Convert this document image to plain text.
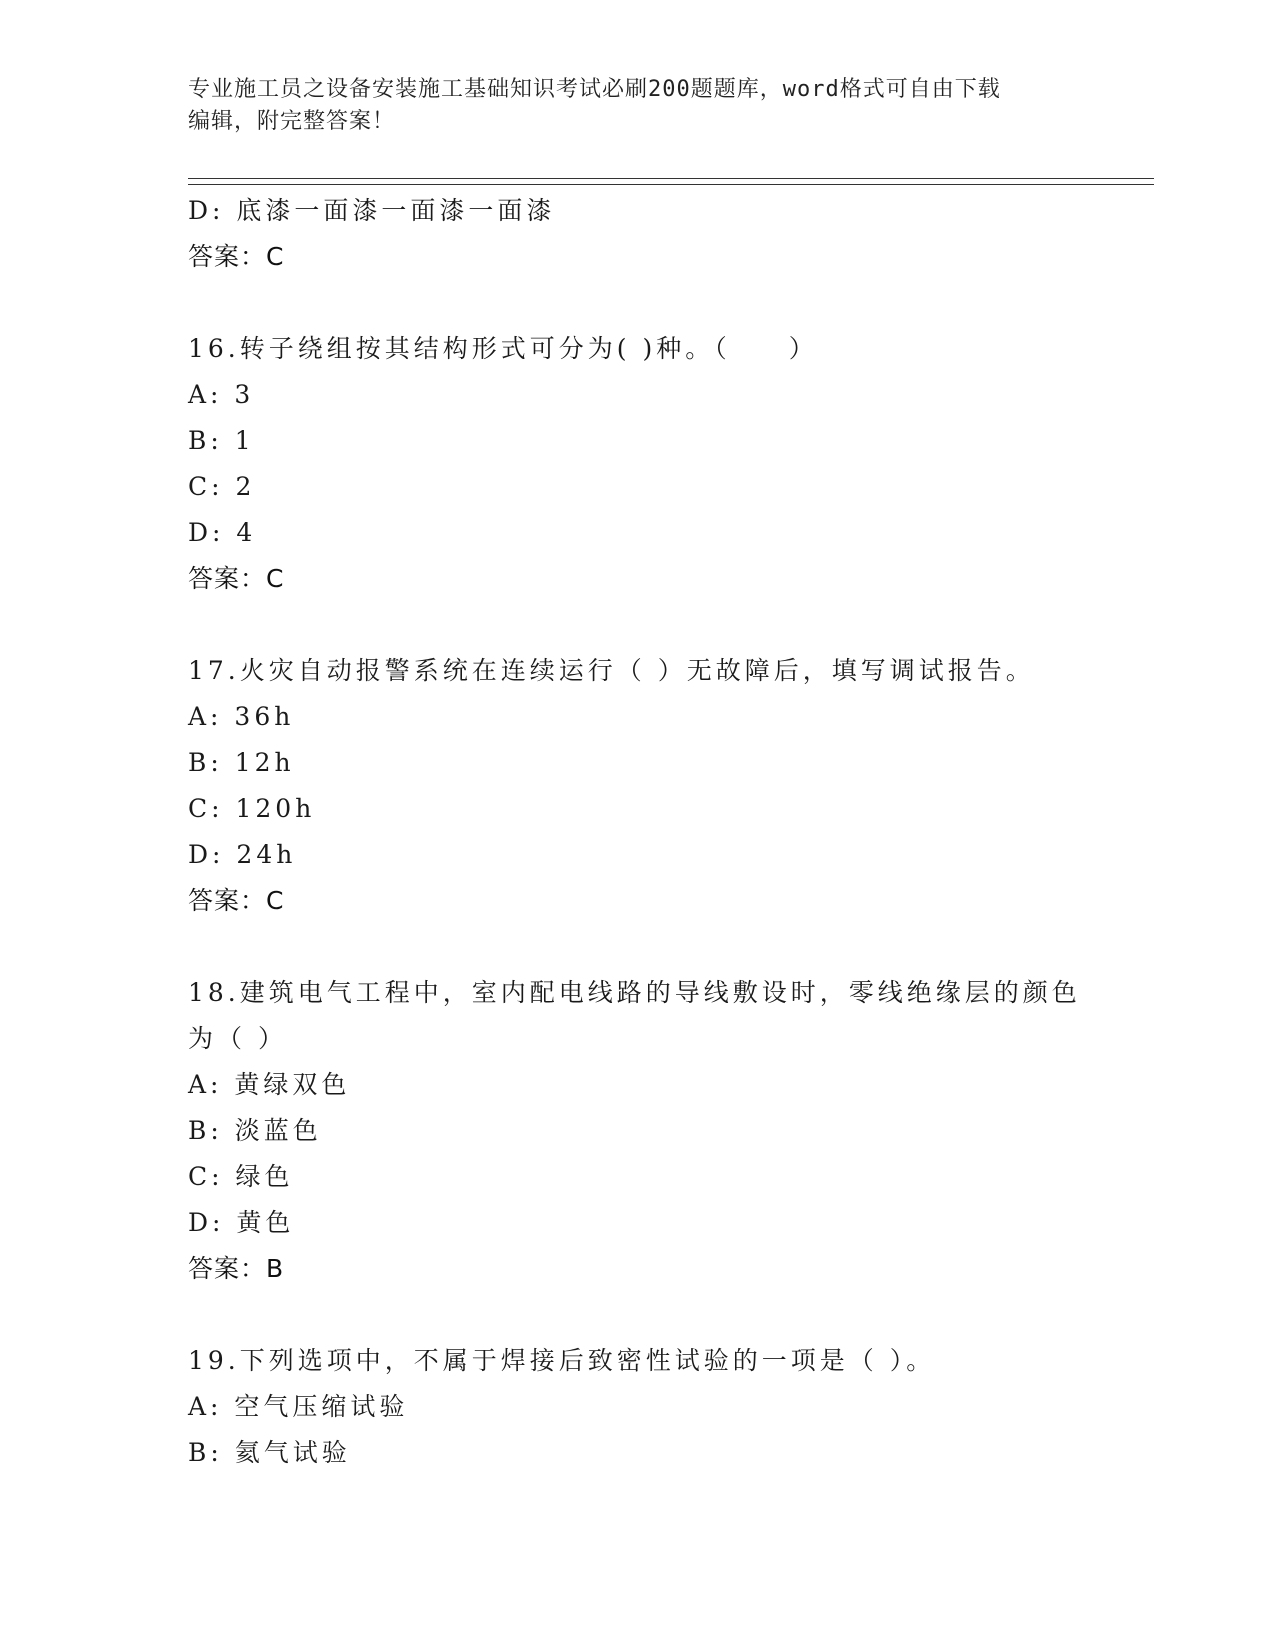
专业施工员之设备安装施工基础知识考试必刷200题题库，word格式可自由下载
编辑，附完整答案！
D: 底漆一面漆一面漆一面漆
答案：C
16.转子绕组按其结构形式可分为( )种。（　　）
A: 3
B: 1
C: 2
D: 4
答案：C
17.火灾自动报警系统在连续运行（ ）无故障后，填写调试报告。
A: 36h
B: 12h
C: 120h
D: 24h
答案：C
18.建筑电气工程中，室内配电线路的导线敷设时，零线绝缘层的颜色
为（ ）
A: 黄绿双色
B: 淡蓝色
C: 绿色
D: 黄色
答案：B
19.下列选项中，不属于焊接后致密性试验的一项是（ ）。
A: 空气压缩试验
B: 氦气试验
